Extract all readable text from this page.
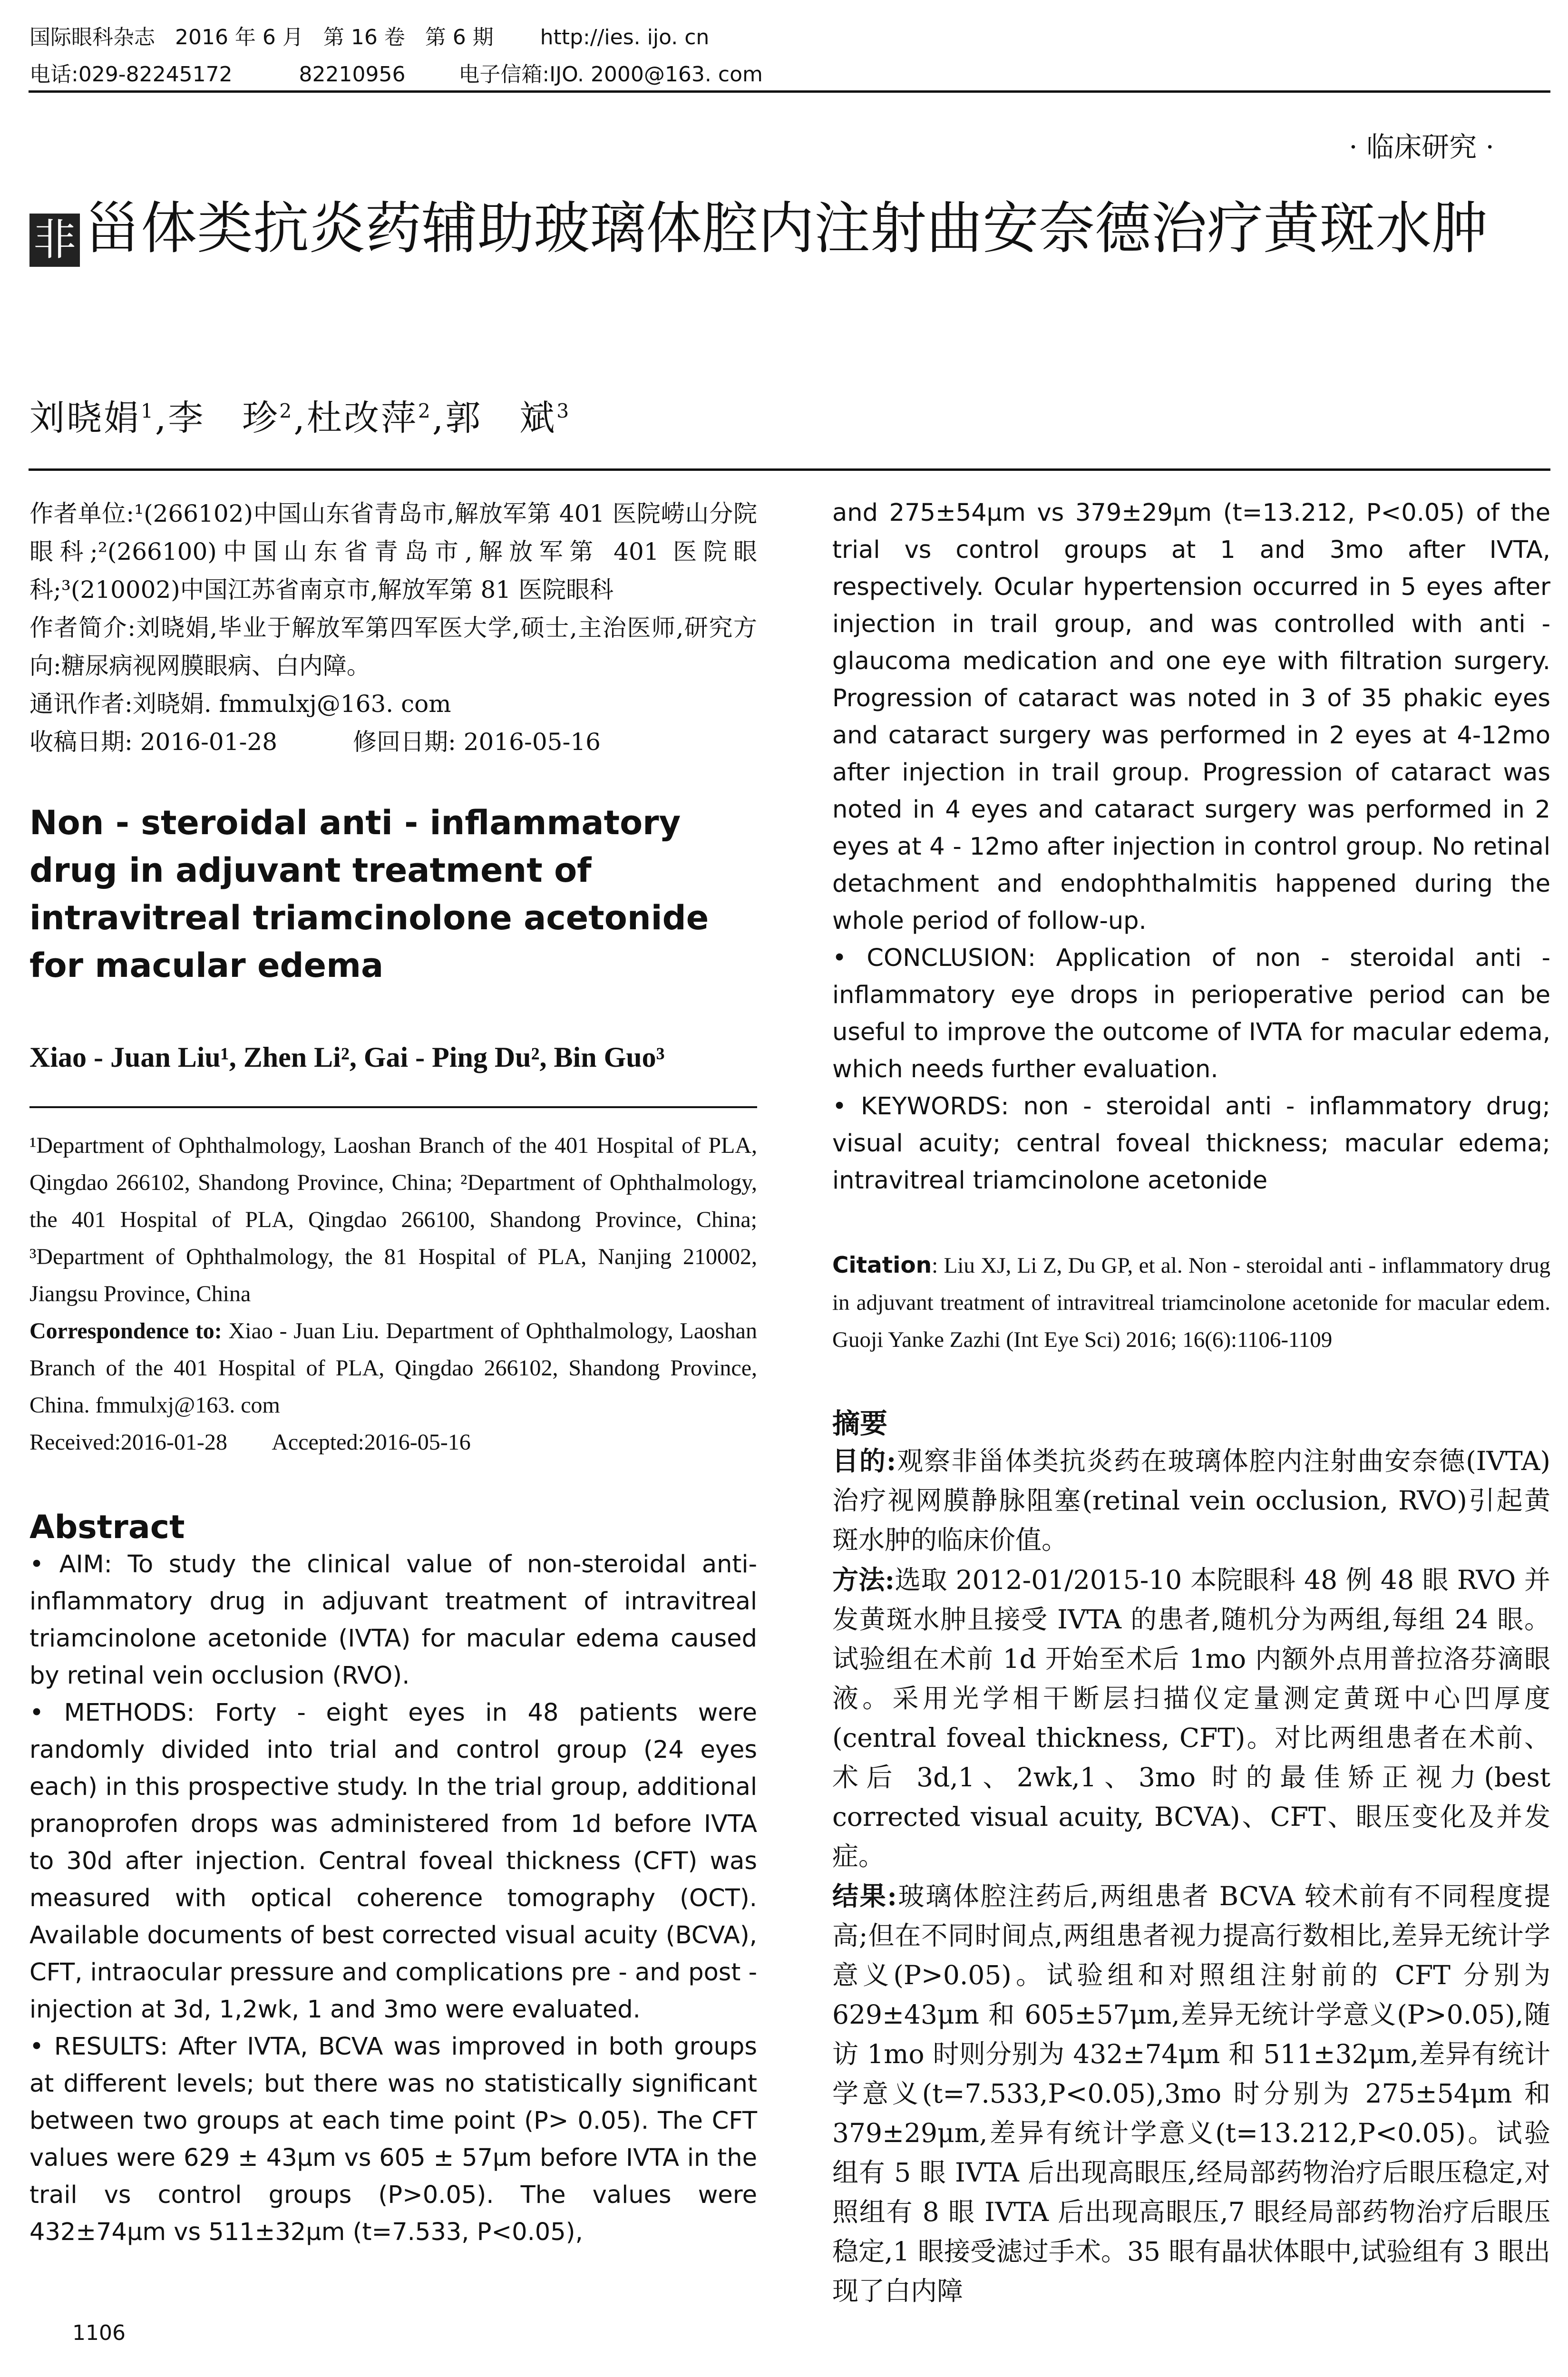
国际眼科杂志   2016 年 6 月   第 16 卷   第 6 期       http://ies. ijo. cn
电话:029-82245172          82210956        电子信箱:IJO. 2000@163. com
· 临床研究 ·
非 甾体类抗炎药辅助玻璃体腔内注射曲安奈德治疗黄斑水肿
刘晓娟$^1$,李　珍$^2$,杜改萍$^2$,郭　斌$^3$

作者单位:¹(266102)中国山东省青岛市,解放军第 401 医院崂山分院眼科;²(266100)中国山东省青岛市,解放军第 401 医院眼科;³(210002)中国江苏省南京市,解放军第 81 医院眼科

作者简介:刘晓娟,毕业于解放军第四军医大学,硕士,主治医师,研究方向:糖尿病视网膜眼病、白内障。

通讯作者:刘晓娟. fmmulxj@163. com

收稿日期: 2016-01-28          修回日期: 2016-05-16

Non - steroidal anti - inflammatory drug in adjuvant treatment of intravitreal triamcinolone acetonide for macular edema
Xiao - Juan Liu¹, Zhen Li², Gai - Ping Du², Bin Guo³
¹Department of Ophthalmology, Laoshan Branch of the 401 Hospital of PLA, Qingdao 266102, Shandong Province, China; ²Department of Ophthalmology, the 401 Hospital of PLA, Qingdao 266100, Shandong Province, China; ³Department of Ophthalmology, the 81 Hospital of PLA, Nanjing 210002, Jiangsu Province, China
Correspondence to: Xiao - Juan Liu. Department of Ophthalmology, Laoshan Branch of the 401 Hospital of PLA, Qingdao 266102, Shandong Province, China. fmmulxj@163. com
Received:2016-01-28        Accepted:2016-05-16
Abstract

• AIM: To study the clinical value of non-steroidal anti-inflammatory drug in adjuvant treatment of intravitreal triamcinolone acetonide (IVTA) for macular edema caused by retinal vein occlusion (RVO).

• METHODS: Forty - eight eyes in 48 patients were randomly divided into trial and control group (24 eyes each) in this prospective study. In the trial group, additional pranoprofen drops was administered from 1d before IVTA to 30d after injection. Central foveal thickness (CFT) was measured with optical coherence tomography (OCT). Available documents of best corrected visual acuity (BCVA), CFT, intraocular pressure and complications pre - and post - injection at 3d, 1,2wk, 1 and 3mo were evaluated.

• RESULTS: After IVTA, BCVA was improved in both groups at different levels; but there was no statistically significant between two groups at each time point (P> 0.05). The CFT values were 629 ± 43μm vs 605 ± 57μm before IVTA in the trail vs control groups (P>0.05). The values were 432±74μm vs 511±32μm (t=7.533, P<0.05),

and 275±54μm vs 379±29μm (t=13.212, P<0.05) of the trial vs control groups at 1 and 3mo after IVTA, respectively. Ocular hypertension occurred in 5 eyes after injection in trail group, and was controlled with anti - glaucoma medication and one eye with filtration surgery. Progression of cataract was noted in 3 of 35 phakic eyes and cataract surgery was performed in 2 eyes at 4-12mo after injection in trail group. Progression of cataract was noted in 4 eyes and cataract surgery was performed in 2 eyes at 4 - 12mo after injection in control group. No retinal detachment and endophthalmitis happened during the whole period of follow-up.

• CONCLUSION: Application of non - steroidal anti - inflammatory eye drops in perioperative period can be useful to improve the outcome of IVTA for macular edema, which needs further evaluation.

• KEYWORDS: non - steroidal anti - inflammatory drug; visual acuity; central foveal thickness; macular edema; intravitreal triamcinolone acetonide

Citation: Liu XJ, Li Z, Du GP, et al. Non - steroidal anti - inflammatory drug in adjuvant treatment of intravitreal triamcinolone acetonide for macular edem. Guoji Yanke Zazhi (Int Eye Sci) 2016; 16(6):1106-1109
摘要

目的:观察非甾体类抗炎药在玻璃体腔内注射曲安奈德(IVTA)治疗视网膜静脉阻塞(retinal vein occlusion, RVO)引起黄斑水肿的临床价值。

方法:选取 2012-01/2015-10 本院眼科 48 例 48 眼 RVO 并发黄斑水肿且接受 IVTA 的患者,随机分为两组,每组 24 眼。试验组在术前 1d 开始至术后 1mo 内额外点用普拉洛芬滴眼液。采用光学相干断层扫描仪定量测定黄斑中心凹厚度(central foveal thickness, CFT)。对比两组患者在术前、术后 3d,1、2wk,1、3mo 时的最佳矫正视力(best corrected visual acuity, BCVA)、CFT、眼压变化及并发症。

结果:玻璃体腔注药后,两组患者 BCVA 较术前有不同程度提高;但在不同时间点,两组患者视力提高行数相比,差异无统计学意义(P>0.05)。试验组和对照组注射前的 CFT 分别为 629±43μm 和 605±57μm,差异无统计学意义(P>0.05),随访 1mo 时则分别为 432±74μm 和 511±32μm,差异有统计学意义(t=7.533,P<0.05),3mo 时分别为 275±54μm 和 379±29μm,差异有统计学意义(t=13.212,P<0.05)。试验组有 5 眼 IVTA 后出现高眼压,经局部药物治疗后眼压稳定,对照组有 8 眼 IVTA 后出现高眼压,7 眼经局部药物治疗后眼压稳定,1 眼接受滤过手术。35 眼有晶状体眼中,试验组有 3 眼出现了白内障

1106
